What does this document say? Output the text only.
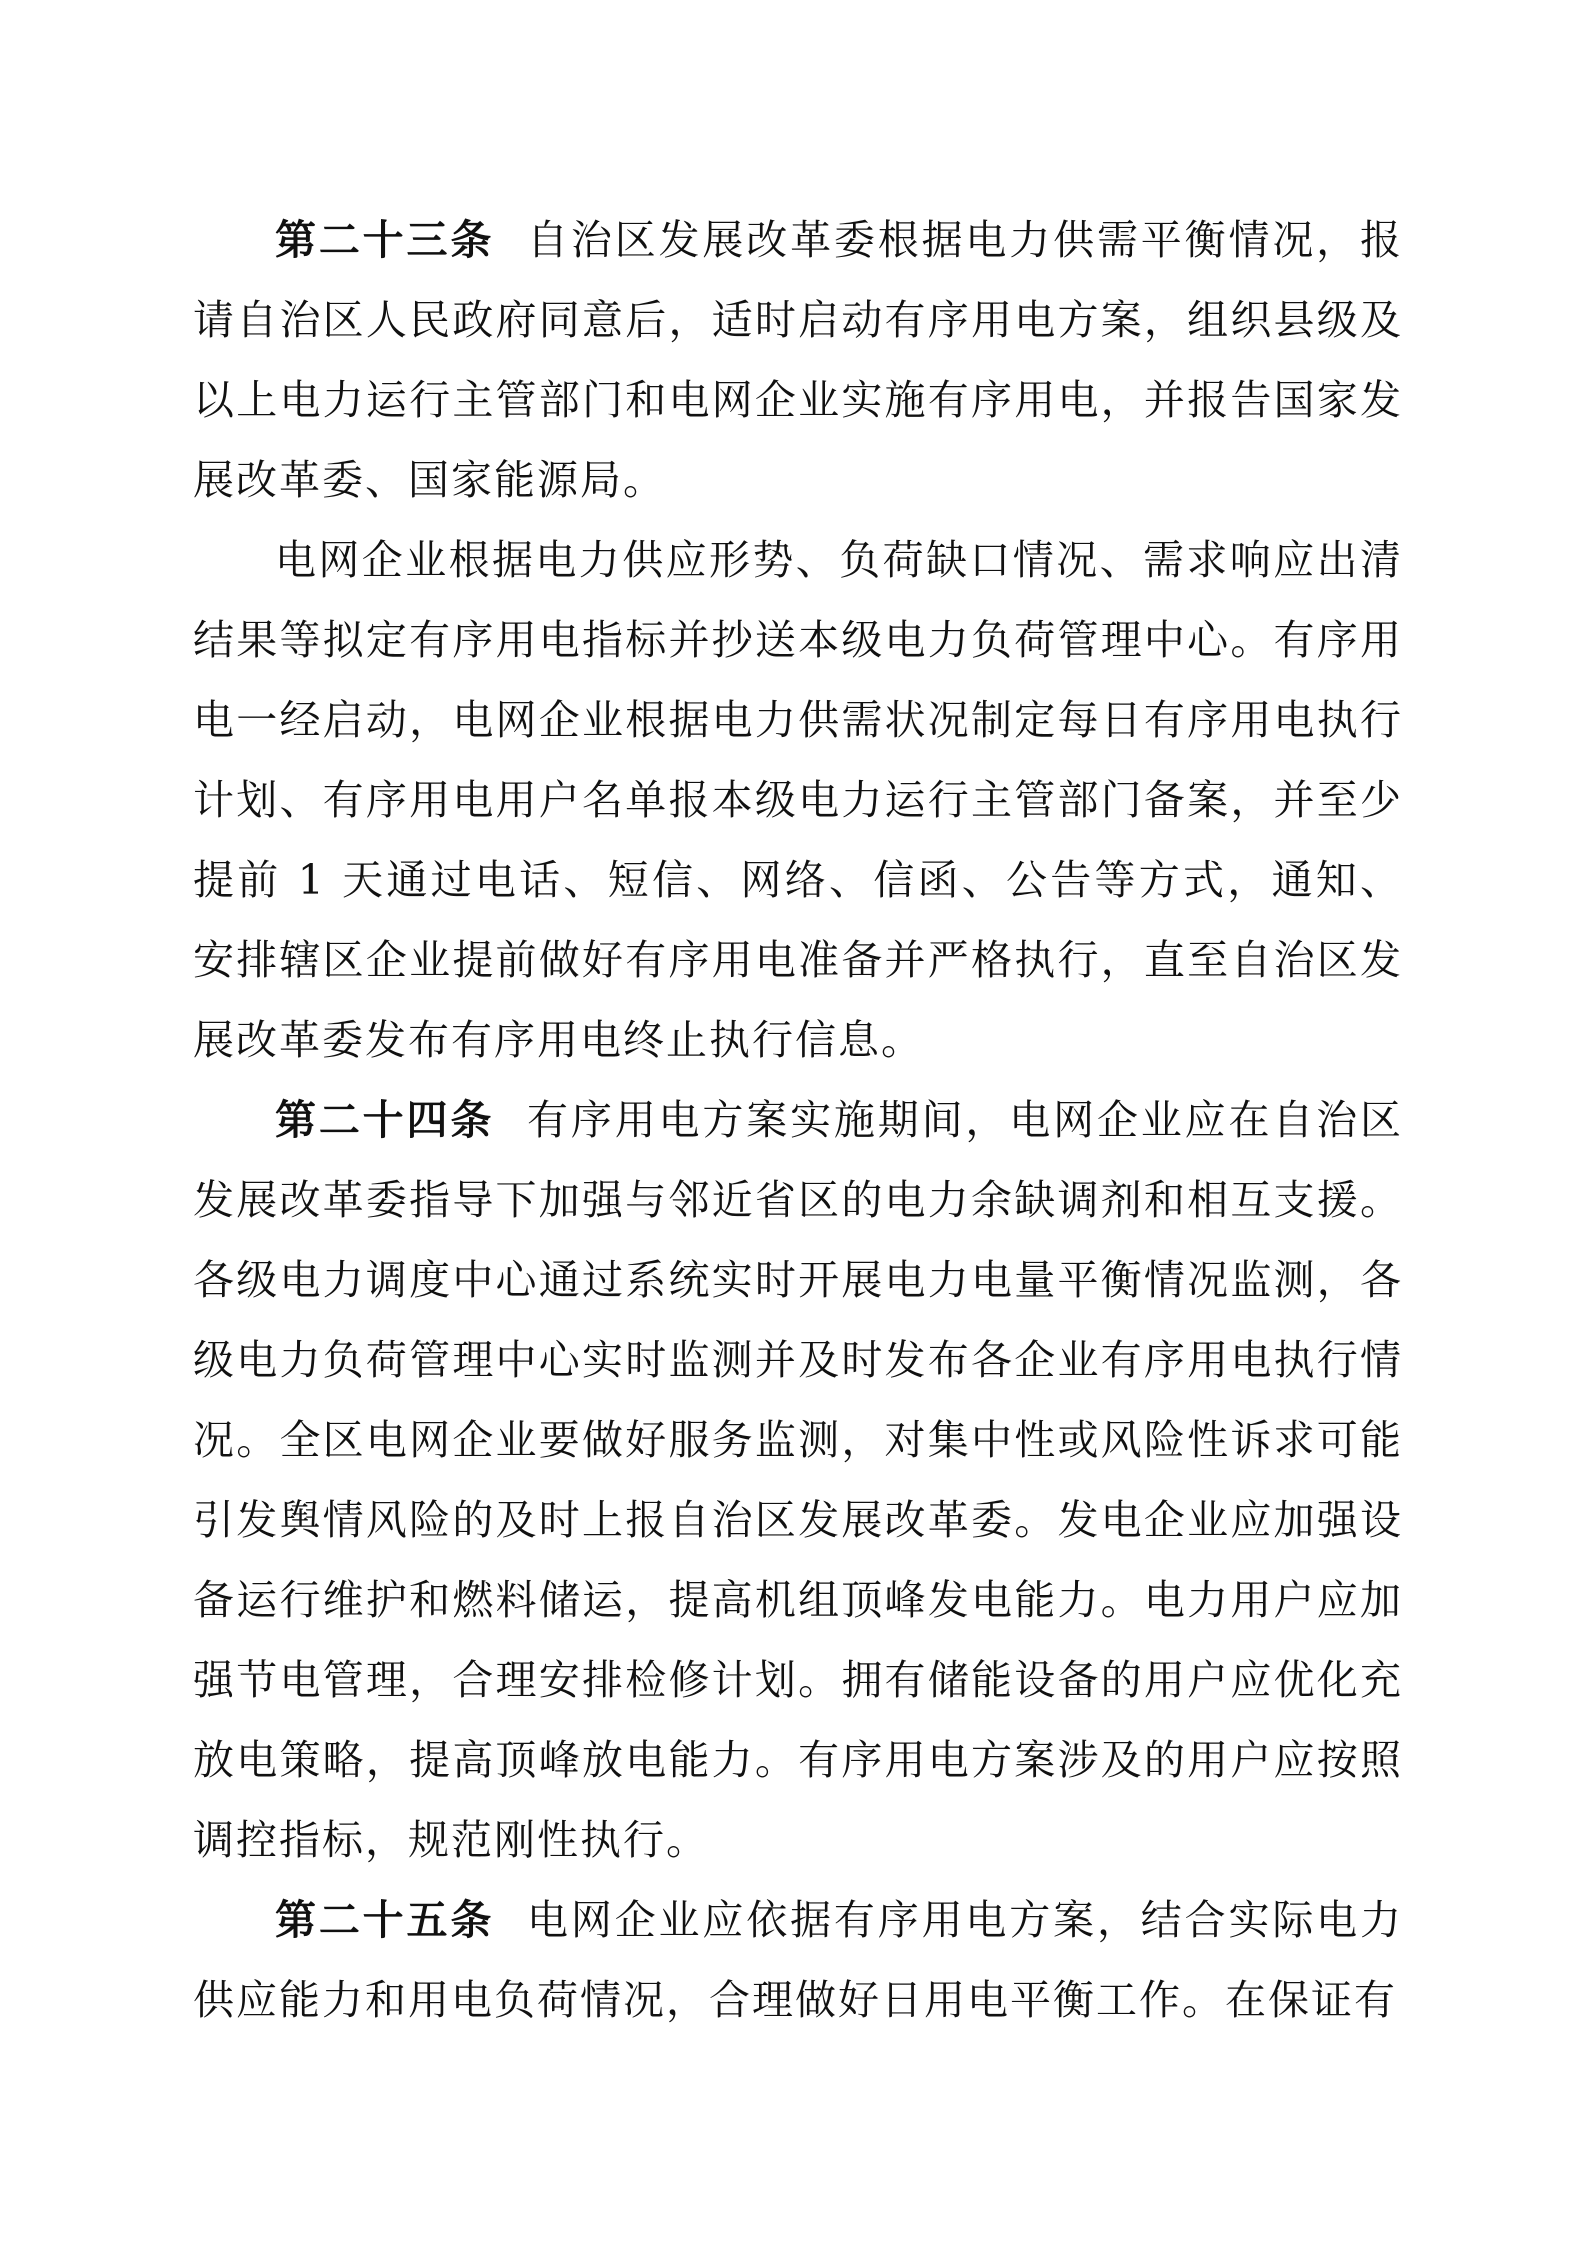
第二十三条 自治区发展改革委根据电力供需平衡情况，报请自治区人民政府同意后，适时启动有序用电方案，组织县级及以上电力运行主管部门和电网企业实施有序用电，并报告国家发展改革委、国家能源局。

电网企业根据电力供应形势、负荷缺口情况、需求响应出清结果等拟定有序用电指标并抄送本级电力负荷管理中心。有序用电一经启动，电网企业根据电力供需状况制定每日有序用电执行计划、有序用电用户名单报本级电力运行主管部门备案，并至少提前 1 天通过电话、短信、网络、信函、公告等方式，通知、安排辖区企业提前做好有序用电准备并严格执行，直至自治区发展改革委发布有序用电终止执行信息。

第二十四条 有序用电方案实施期间，电网企业应在自治区发展改革委指导下加强与邻近省区的电力余缺调剂和相互支援。各级电力调度中心通过系统实时开展电力电量平衡情况监测，各级电力负荷管理中心实时监测并及时发布各企业有序用电执行情况。全区电网企业要做好服务监测，对集中性或风险性诉求可能引发舆情风险的及时上报自治区发展改革委。发电企业应加强设备运行维护和燃料储运，提高机组顶峰发电能力。电力用户应加强节电管理，合理安排检修计划。拥有储能设备的用户应优化充放电策略，提高顶峰放电能力。有序用电方案涉及的用户应按照调控指标，规范刚性执行。

第二十五条 电网企业应依据有序用电方案，结合实际电力供应能力和用电负荷情况，合理做好日用电平衡工作。在保证有
